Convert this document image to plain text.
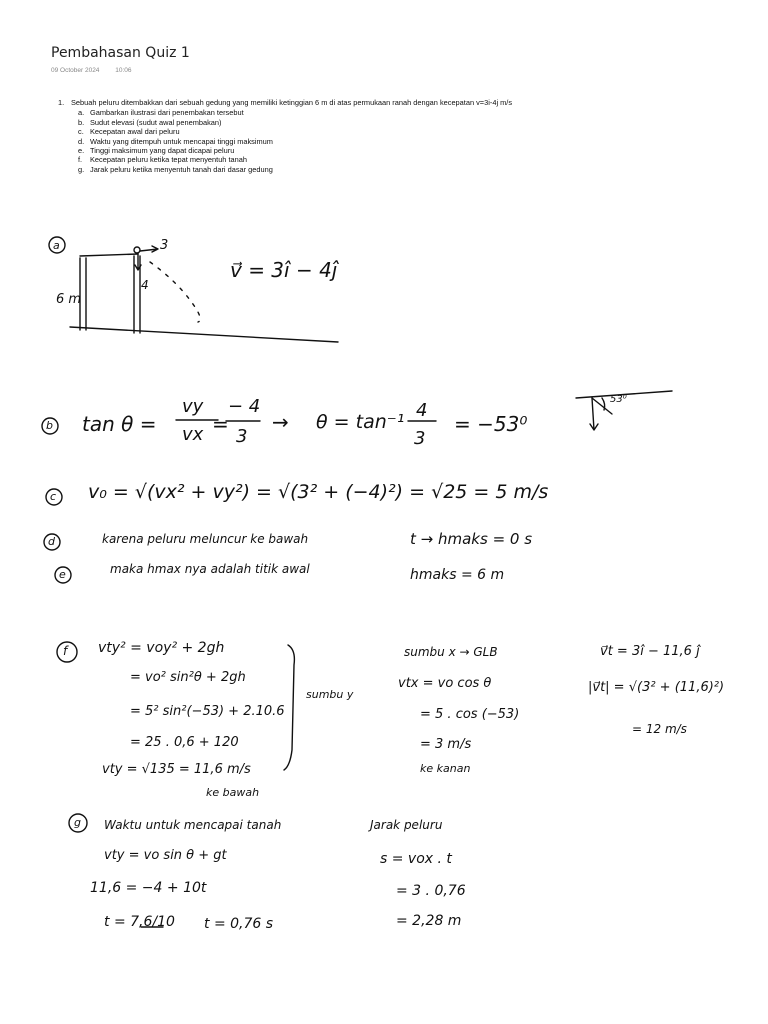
Pembahasan Quiz 1
09 October 2024 10:06
1. Sebuah peluru ditembakkan dari sebuah gedung yang memiliki ketinggian 6 m di atas permukaan ranah dengan kecepatan v=3i-4j m/s
a. Gambarkan ilustrasi dari penembakan tersebut
b. Sudut elevasi (sudut awal penembakan)
c. Kecepatan awal dari peluru
d. Waktu yang ditempuh untuk mencapai tinggi maksimum
e. Tinggi maksimum yang dapat dicapai peluru
f. Kecepatan peluru ketika tepat menyentuh tanah
g. Jarak peluru ketika menyentuh tanah dari dasar gedung
a
6 m
3
4
v⃗ = 3î − 4ĵ
b tan θ =
vy
vx =
− 4
3
→ θ = tan⁻¹
4
3
= −53⁰
53⁰
c v₀ = √(vx² + vy²) = √(3² + (−4)²) = √25 = 5 m/s
d	karena peluru meluncur ke bawah	t → hmaks = 0 s
e	maka hmax nya adalah titik awal	hmaks = 6 m
f vty² = voy² + 2gh
= vo² sin²θ + 2gh
= 5² sin²(−53) + 2.10.6
= 25 . 0,6 + 120
vty = √135 = 11,6 m/s
ke bawah
sumbu y
sumbu x → GLB
vtx = vo cos θ
= 5 . cos (−53)
= 3 m/s
ke kanan
v⃗t = 3î − 11,6 ĵ
|v⃗t| = √(3² + (11,6)²)
= 12 m/s
g Waktu untuk mencapai tanah
vty = vo sin θ + gt
11,6 = −4 + 10t
t = 7,6/10 t = 0,76 s
Jarak peluru
s = vox . t
= 3 . 0,76
= 2,28 m
